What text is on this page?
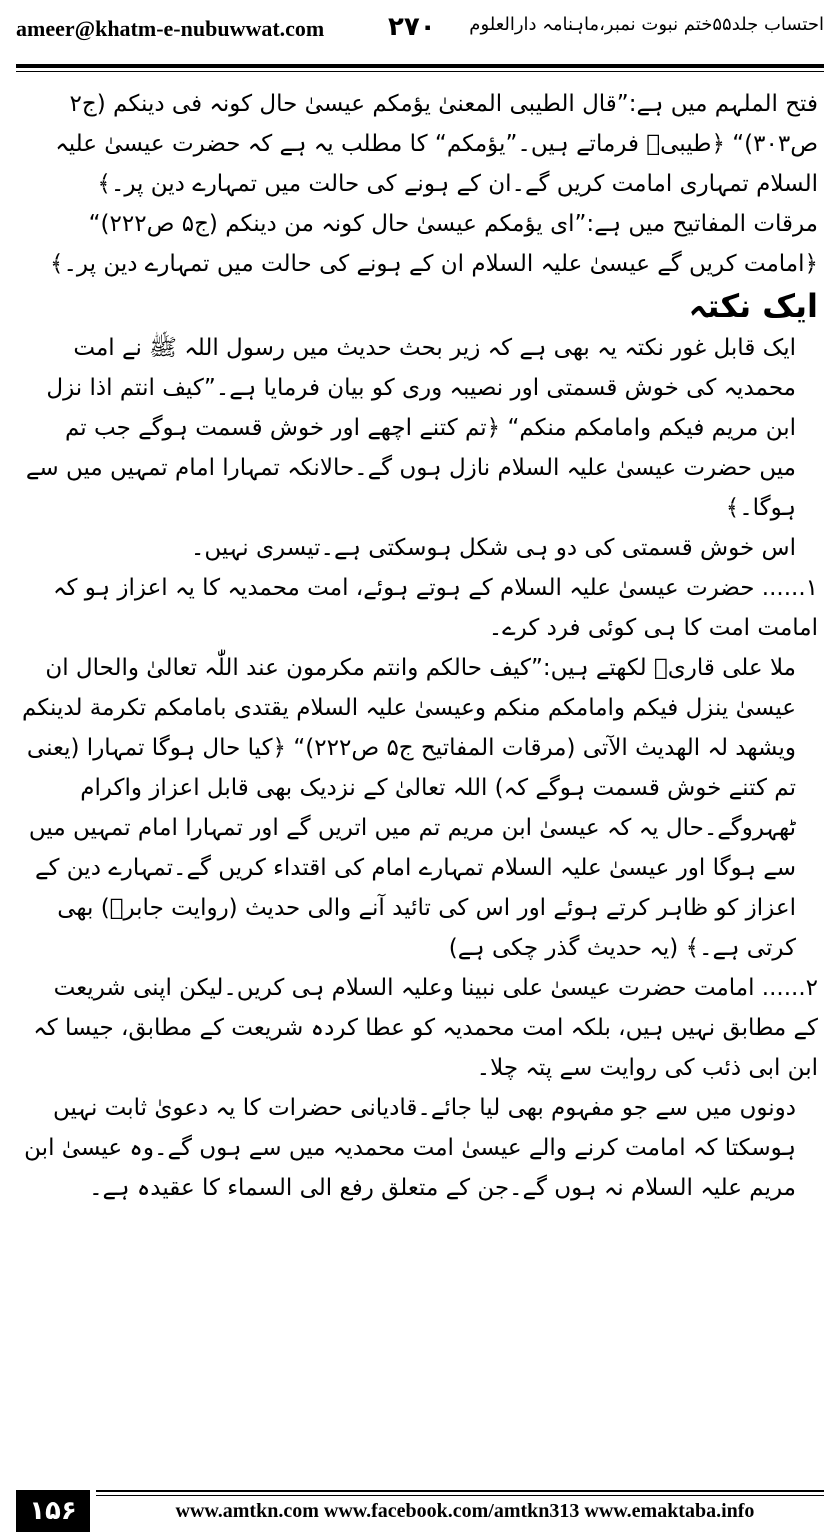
ameer@khatm-e-nubuwwat.com ۲۷۰ احتساب جلد۵۵ختم نبوت نمبر،ماہنامہ دارالعلوم

فتح الملہم میں ہے:”قال الطیبی المعنیٰ یؤمکم عیسیٰ حال کونہ فی دینکم (ج۲ ص۳۰۳)“ ﴿طیبیؒ فرماتے ہیں۔”یؤمکم“ کا مطلب یہ ہے کہ حضرت عیسیٰ علیہ السلام تمہاری امامت کریں گے۔ان کے ہونے کی حالت میں تمہارے دین پر۔﴾

مرقات المفاتیح میں ہے:”ای یؤمکم عیسیٰ حال کونہ من دینکم (ج۵ ص۲۲۲)“ ﴿امامت کریں گے عیسیٰ علیہ السلام ان کے ہونے کی حالت میں تمہارے دین پر۔﴾

ایک نکتہ

ایک قابل غور نکتہ یہ بھی ہے کہ زیر بحث حدیث میں رسول اللہ ﷺ نے امت محمدیہ کی خوش قسمتی اور نصیبہ وری کو بیان فرمایا ہے۔”کیف انتم اذا نزل ابن مریم فیکم وامامکم منکم“ ﴿تم کتنے اچھے اور خوش قسمت ہوگے جب تم میں حضرت عیسیٰ علیہ السلام نازل ہوں گے۔حالانکہ تمہارا امام تمہیں میں سے ہوگا۔﴾

اس خوش قسمتی کی دو ہی شکل ہوسکتی ہے۔تیسری نہیں۔

۱...... حضرت عیسیٰ علیہ السلام کے ہوتے ہوئے، امت محمدیہ کا یہ اعزاز ہو کہ امامت امت کا ہی کوئی فرد کرے۔

ملا علی قاریؒ لکھتے ہیں:”کیف حالکم وانتم مکرمون عند اللّٰہ تعالیٰ والحال ان عیسیٰ ینزل فیکم وامامکم منکم وعیسیٰ علیہ السلام یقتدی بامامکم تکرمة لدینکم ویشھد لہ الھدیث الآتی (مرقات المفاتیح ج۵ ص۲۲۲)“ ﴿کیا حال ہوگا تمہارا (یعنی تم کتنے خوش قسمت ہوگے کہ) اللہ تعالیٰ کے نزدیک بھی قابل اعزاز واکرام ٹھہروگے۔حال یہ کہ عیسیٰ ابن مریم تم میں اتریں گے اور تمہارا امام تمہیں میں سے ہوگا اور عیسیٰ علیہ السلام تمہارے امام کی اقتداء کریں گے۔تمہارے دین کے اعزاز کو ظاہر کرتے ہوئے اور اس کی تائید آنے والی حدیث (روایت جابرؓ) بھی کرتی ہے۔﴾ (یہ حدیث گذر چکی ہے)

۲...... امامت حضرت عیسیٰ علی نبینا وعلیہ السلام ہی کریں۔لیکن اپنی شریعت کے مطابق نہیں ہیں، بلکہ امت محمدیہ کو عطا کردہ شریعت کے مطابق، جیسا کہ ابن ابی ذئب کی روایت سے پتہ چلا۔

دونوں میں سے جو مفہوم بھی لیا جائے۔قادیانی حضرات کا یہ دعویٰ ثابت نہیں ہوسکتا کہ امامت کرنے والے عیسیٰ امت محمدیہ میں سے ہوں گے۔وہ عیسیٰ ابن مریم علیہ السلام نہ ہوں گے۔جن کے متعلق رفع الی السماء کا عقیدہ ہے۔

۱۵۶	www.amtkn.com www.facebook.com/amtkn313 www.emaktaba.info
